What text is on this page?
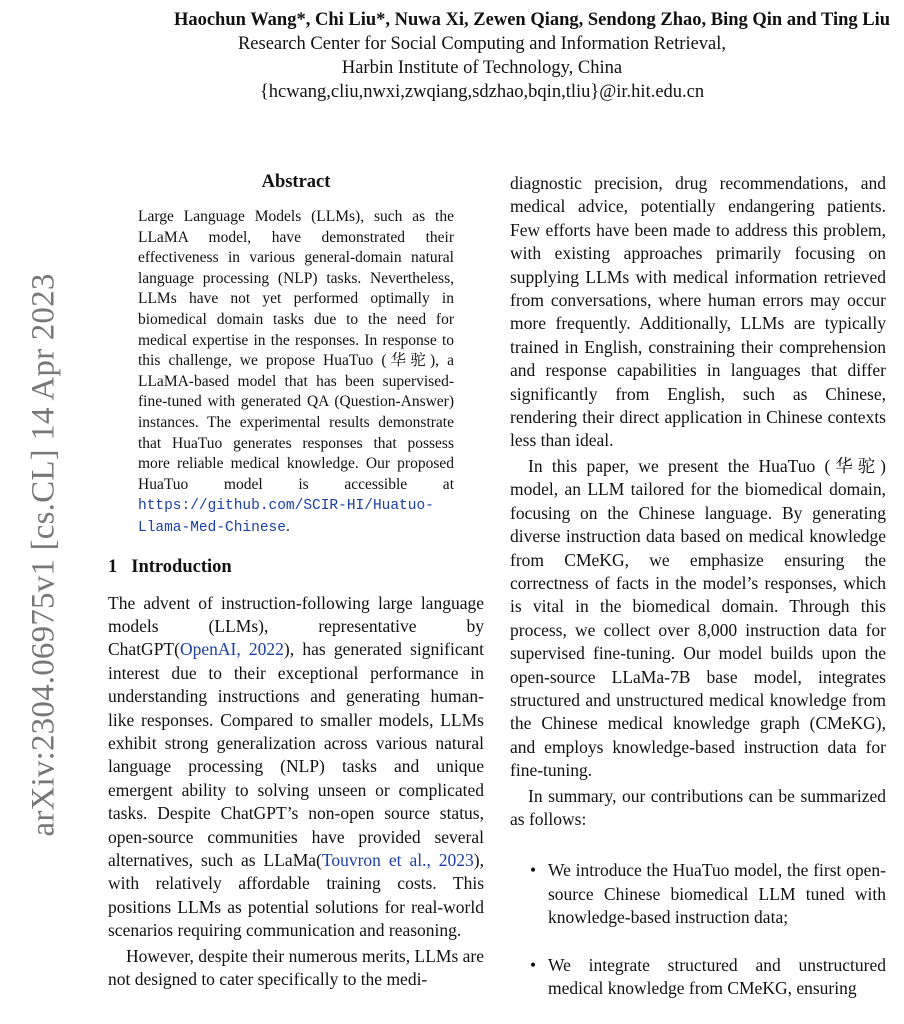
arXiv:2304.06975v1 [cs.CL] 14 Apr 2023
Haochun Wang*, Chi Liu*, Nuwa Xi, Zewen Qiang, Sendong Zhao, Bing Qin and Ting Liu
Research Center for Social Computing and Information Retrieval,
Harbin Institute of Technology, China
{hcwang,cliu,nwxi,zwqiang,sdzhao,bqin,tliu}@ir.hit.edu.cn
Abstract
Large Language Models (LLMs), such as the LLaMA model, have demonstrated their effectiveness in various general-domain natural language processing (NLP) tasks. Nevertheless, LLMs have not yet performed optimally in biomedical domain tasks due to the need for medical expertise in the responses. In response to this challenge, we propose HuaTuo (华驼), a LLaMA-based model that has been supervised-fine-tuned with generated QA (Question-Answer) instances. The experimental results demonstrate that HuaTuo generates responses that possess more reliable medical knowledge. Our proposed HuaTuo model is accessible at https://github.com/SCIR-HI/Huatuo-Llama-Med-Chinese.
1 Introduction

The advent of instruction-following large language models (LLMs), representative by ChatGPT(OpenAI, 2022), has generated significant interest due to their exceptional performance in understanding instructions and generating human-like responses. Compared to smaller models, LLMs exhibit strong generalization across various natural language processing (NLP) tasks and unique emergent ability to solving unseen or complicated tasks. Despite ChatGPT’s non-open source status, open-source communities have provided several alternatives, such as LLaMa(Touvron et al., 2023), with relatively affordable training costs. This positions LLMs as potential solutions for real-world scenarios requiring communication and reasoning.

However, despite their numerous merits, LLMs are not designed to cater specifically to the medi-

diagnostic precision, drug recommendations, and medical advice, potentially endangering patients. Few efforts have been made to address this problem, with existing approaches primarily focusing on supplying LLMs with medical information retrieved from conversations, where human errors may occur more frequently. Additionally, LLMs are typically trained in English, constraining their comprehension and response capabilities in languages that differ significantly from English, such as Chinese, rendering their direct application in Chinese contexts less than ideal.

In this paper, we present the HuaTuo (华驼) model, an LLM tailored for the biomedical domain, focusing on the Chinese language. By generating diverse instruction data based on medical knowledge from CMeKG, we emphasize ensuring the correctness of facts in the model’s responses, which is vital in the biomedical domain. Through this process, we collect over 8,000 instruction data for supervised fine-tuning. Our model builds upon the open-source LLaMa-7B base model, integrates structured and unstructured medical knowledge from the Chinese medical knowledge graph (CMeKG), and employs knowledge-based instruction data for fine-tuning.

In summary, our contributions can be summarized as follows:

• We introduce the HuaTuo model, the first open-source Chinese biomedical LLM tuned with knowledge-based instruction data;
• We integrate structured and unstructured medical knowledge from CMeKG, ensuring
